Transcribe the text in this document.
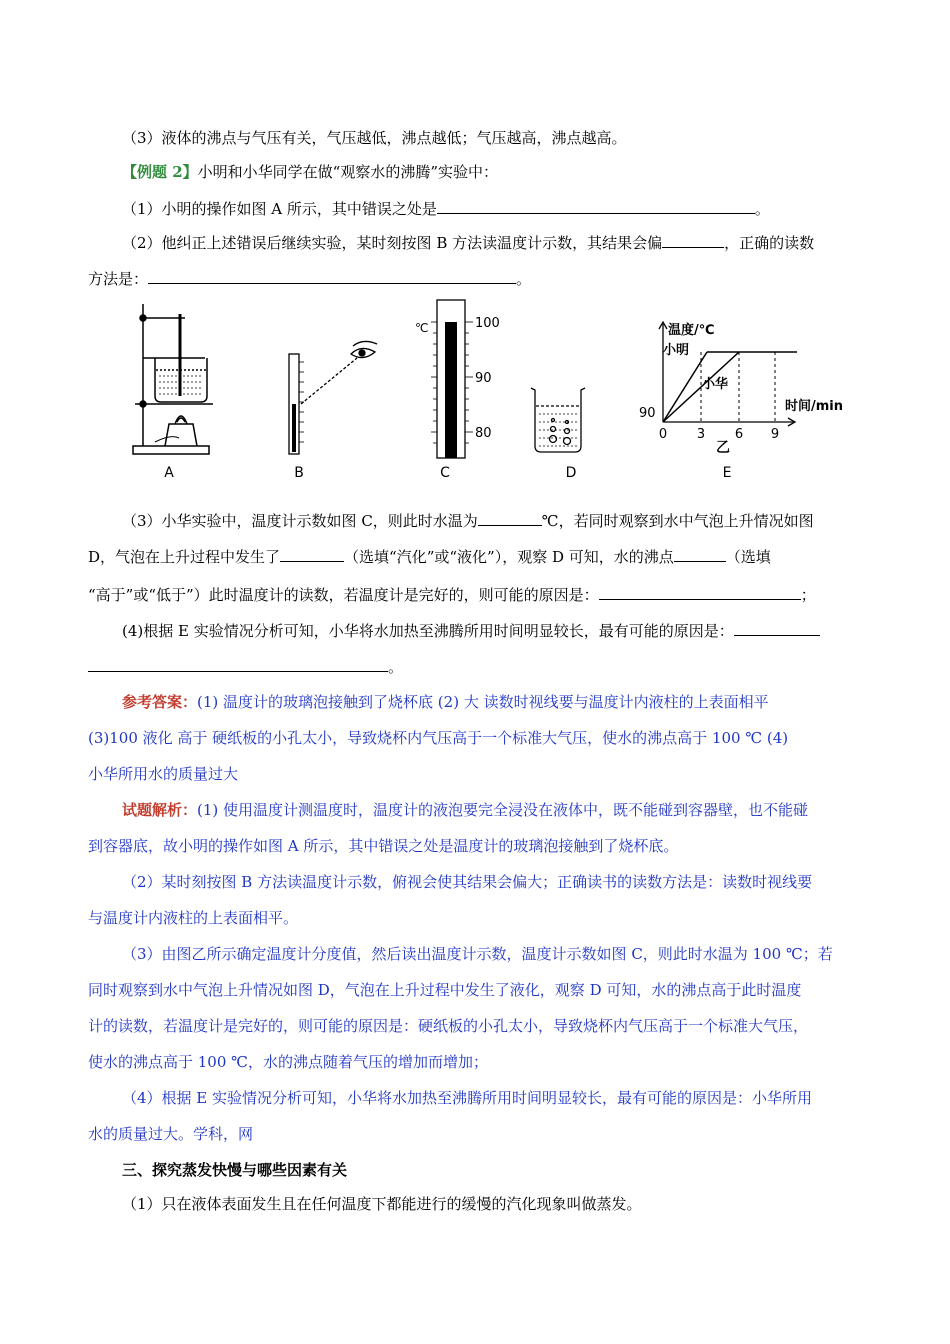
（3）液体的沸点与气压有关，气压越低，沸点越低；气压越高，沸点越高。
【例题 2】小明和小华同学在做“观察水的沸腾”实验中：
（1）小明的操作如图 A 所示，其中错误之处是	。
（2）他纠正上述错误后继续实验，某时刻按图 B 方法读温度计示数，其结果会偏	，正确的读数
方法是：	。
A	B
℃	100
90
80
C	D
温度/℃
小明
小华
90	时间/min
0 3 6 9
乙
E
（3）小华实验中，温度计示数如图 C，则此时水温为	℃，若同时观察到水中气泡上升情况如图
D，气泡在上升过程中发生了	（选填“汽化”或“液化”），观察 D 可知，水的沸点	（选填
“高于”或“低于”）此时温度计的读数，若温度计是完好的，则可能的原因是：	；
(4)根据 E 实验情况分析可知，小华将水加热至沸腾所用时间明显较长，最有可能的原因是：
。
参考答案：(1) 温度计的玻璃泡接触到了烧杯底 (2) 大 读数时视线要与温度计内液柱的上表面相平
(3)100 液化 高于 硬纸板的小孔太小，导致烧杯内气压高于一个标准大气压，使水的沸点高于 100 ℃ (4)
小华所用水的质量过大
试题解析：(1) 使用温度计测温度时，温度计的液泡要完全浸没在液体中，既不能碰到容器壁，也不能碰
到容器底，故小明的操作如图 A 所示，其中错误之处是温度计的玻璃泡接触到了烧杯底。
（2）某时刻按图 B 方法读温度计示数，俯视会使其结果会偏大；正确读书的读数方法是：读数时视线要
与温度计内液柱的上表面相平。
（3）由图乙所示确定温度计分度值，然后读出温度计示数，温度计示数如图 C，则此时水温为 100 ℃；若
同时观察到水中气泡上升情况如图 D，气泡在上升过程中发生了液化，观察 D 可知，水的沸点高于此时温度
计的读数，若温度计是完好的，则可能的原因是：硬纸板的小孔太小，导致烧杯内气压高于一个标准大气压，
使水的沸点高于 100 ℃，水的沸点随着气压的增加而增加；
（4）根据 E 实验情况分析可知，小华将水加热至沸腾所用时间明显较长，最有可能的原因是：小华所用
水的质量过大。学科，网
三、探究蒸发快慢与哪些因素有关
（1）只在液体表面发生且在任何温度下都能进行的缓慢的汽化现象叫做蒸发。
